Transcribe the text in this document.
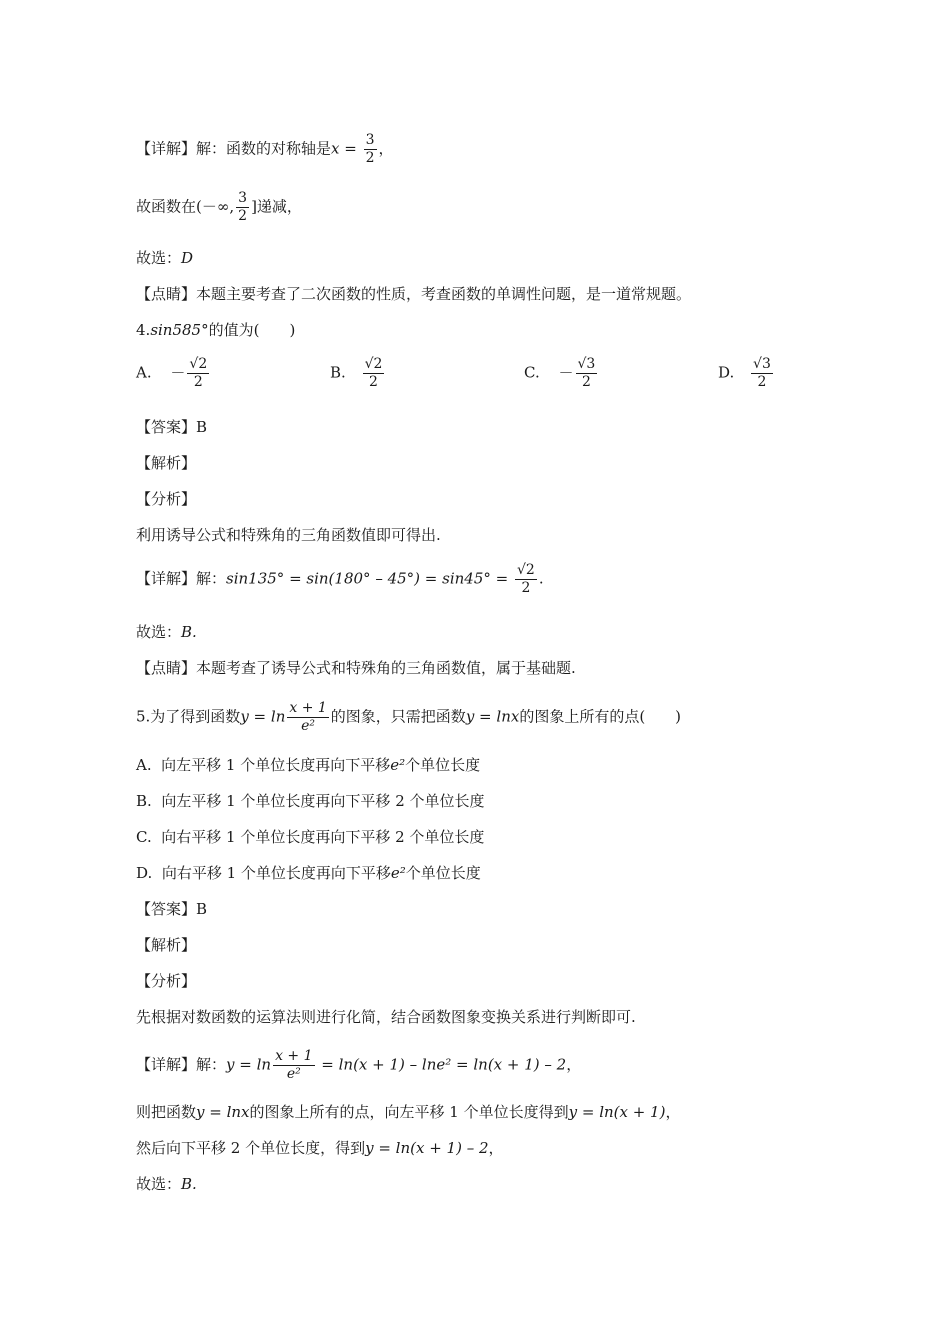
【详解】解：函数的对称轴是$x = \frac{3}{2}$ ，
故函数在(－∞, $\frac{3}{2}$ ]递减，
故选：D
【点睛】本题主要考查了二次函数的性质，考查函数的单调性问题，是一道常规题。
4.sin585°的值为(　　)
A. － $\frac{√2}{2}$	B. $\frac{√2}{2}$	C. － $\frac{√3}{2}$	D. $\frac{√3}{2}$
【答案】B
【解析】
【分析】
利用诱导公式和特殊角的三角函数值即可得出.
【详解】解：$\sin 135^\circ = \sin(180^\circ - 45^\circ) = \sin 45^\circ = \frac{√2}{2}$ .
故选：B.
【点睛】本题考查了诱导公式和特殊角的三角函数值，属于基础题.
5.为了得到函数$y = \ln \frac{x + 1}{\text{e²}}$ 的图象，只需把函数y = lnx的图象上所有的点(　　)
A. 向左平移 1 个单位长度再向下平移e²个单位长度
B. 向左平移 1 个单位长度再向下平移 2 个单位长度
C. 向右平移 1 个单位长度再向下平移 2 个单位长度
D. 向右平移 1 个单位长度再向下平移e²个单位长度
【答案】B
【解析】
【分析】
先根据对数函数的运算法则进行化简，结合函数图象变换关系进行判断即可.
【详解】解：$y = \ln \frac{x + 1}{\text{e²}} = \ln(x + 1) - \ln e^2 = \ln(x + 1) - 2$，
则把函数y = lnx的图象上所有的点，向左平移 1 个单位长度得到y = ln(x + 1)，
然后向下平移 2 个单位长度，得到y = ln(x + 1) – 2，
故选：B.
